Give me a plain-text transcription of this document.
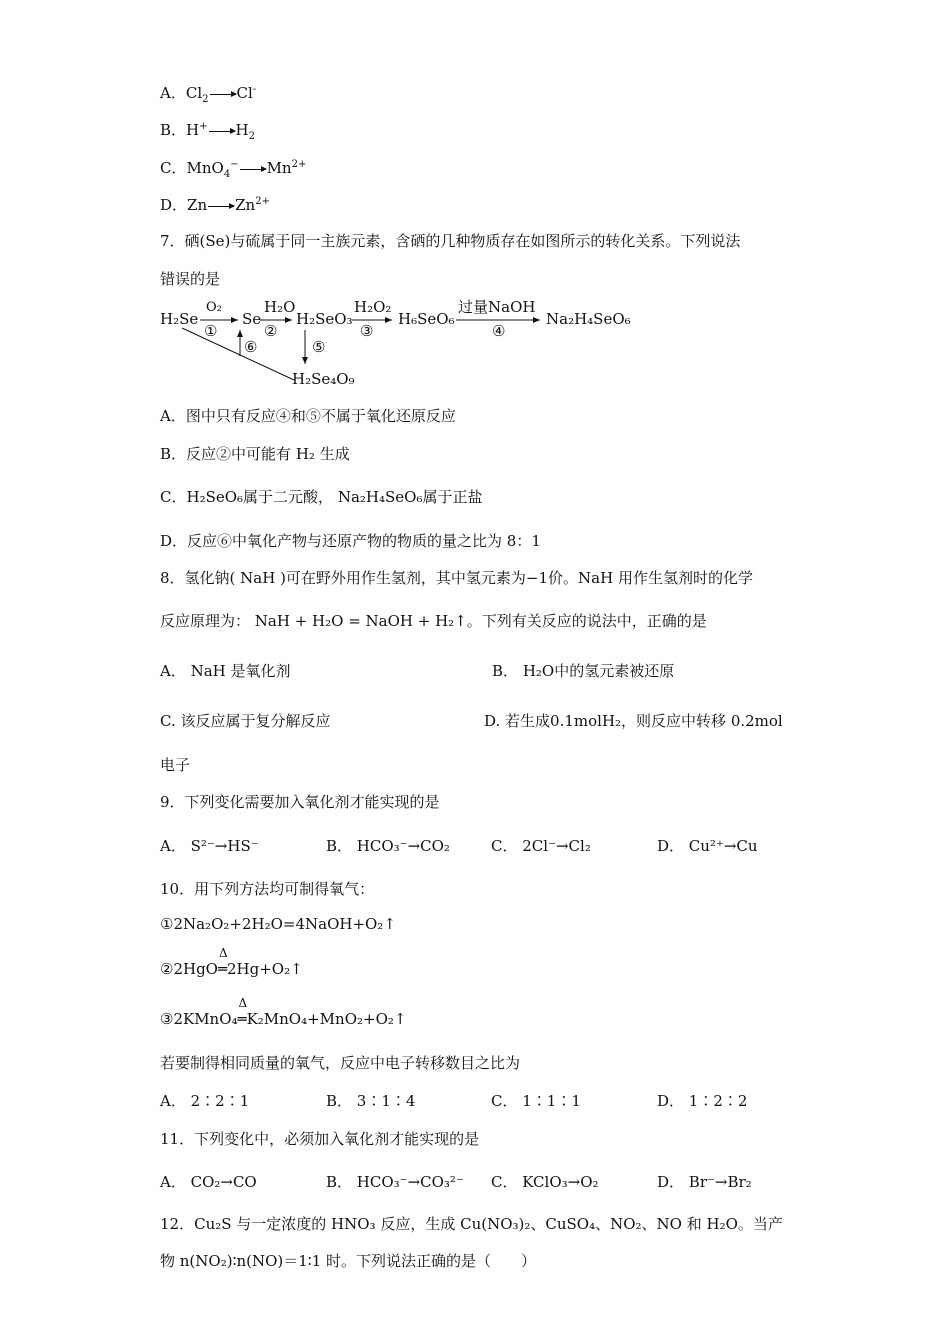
A．$Cl_2$ Cl-
B．H+ $H_2$
C．MnO$_4$− $Mn^{2+}$
D．Zn $Zn^{2+}$
7．硒(Se)与硫属于同一主族元素，含硒的几种物质存在如图所示的转化关系。下列说法
错误的是
H₂Se
O₂
①
Se
H₂O
②
H₂SeO₃
H₂O₂
③
H₆SeO₆
过量NaOH
④
Na₂H₄SeO₆
⑤
⑥
H₂Se₄O₉
A．图中只有反应④和⑤不属于氧化还原反应
B．反应②中可能有 H₂ 生成
C．H₂SeO₆属于二元酸， Na₂H₄SeO₆属于正盐
D．反应⑥中氧化产物与还原产物的物质的量之比为 8：1
8．氢化钠( NaH )可在野外用作生氢剂，其中氢元素为−1价。NaH 用作生氢剂时的化学
反应原理为： NaH + H₂O = NaOH + H₂↑。下列有关反应的说法中，正确的是
A． NaH 是氧化剂	B． H₂O中的氢元素被还原
C. 该反应属于复分解反应	D. 若生成0.1molH₂，则反应中转移 0.2mol
电子
9．下列变化需要加入氧化剂才能实现的是
A． S²⁻→HS⁻	B． HCO₃⁻→CO₂	C． 2Cl⁻→Cl₂	D． Cu²⁺→Cu
10．用下列方法均可制得氧气：
①2Na₂O₂+2H₂O=4NaOH+O₂↑
②2HgO
Δ
═2Hg+O₂↑
③2KMnO₄
Δ
═K₂MnO₄+MnO₂+O₂↑
若要制得相同质量的氧气，反应中电子转移数目之比为
A． 2∶2∶1	B． 3∶1∶4	C． 1∶1∶1	D． 1∶2∶2
11．下列变化中，必须加入氧化剂才能实现的是
A． CO₂→CO	B． HCO₃⁻→CO₃²⁻ C． KClO₃→O₂	D． Br⁻→Br₂
12．Cu₂S 与一定浓度的 HNO₃ 反应，生成 Cu(NO₃)₂、CuSO₄、NO₂、NO 和 H₂O。当产
物 n(NO₂)∶n(NO)＝1∶1 时。下列说法正确的是（　　）
